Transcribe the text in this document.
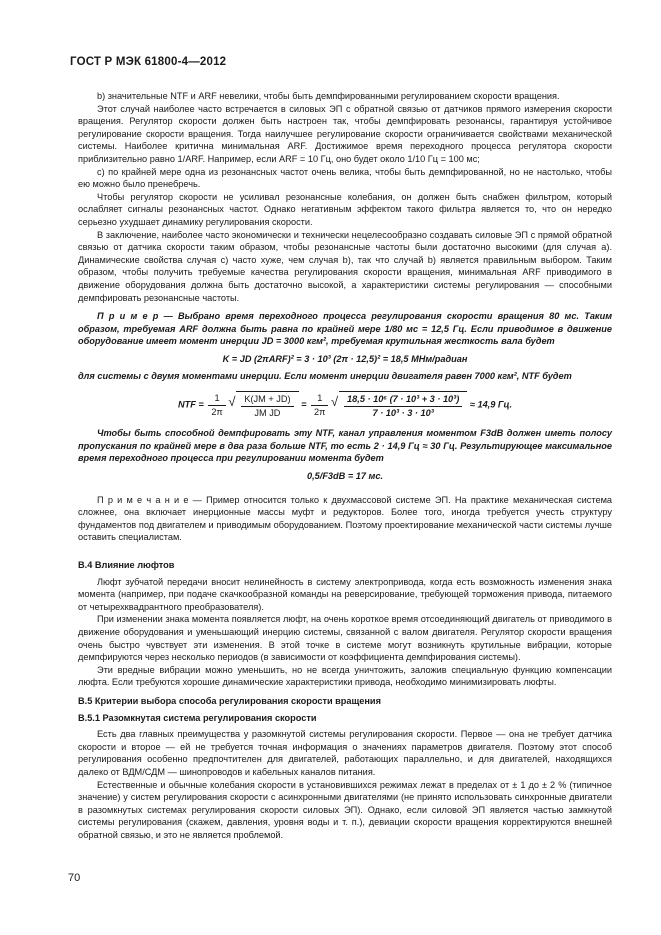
ГОСТ Р МЭК 61800-4—2012

b) значительные NTF и ARF невелики, чтобы быть демпфированными регулированием скорости вращения.

Этот случай наиболее часто встречается в силовых ЭП с обратной связью от датчиков прямого измерения скорости вращения. Регулятор скорости должен быть настроен так, чтобы демпфировать резонансы, гарантируя устойчивое регулирование скорости вращения. Тогда наилучшее регулирование скорости ограничивается свойствами механической системы. Наиболее критична минимальная ARF. Достижимое время переходного процесса регулятора скорости приблизительно равно 1/ARF. Например, если ARF = 10 Гц, оно будет около 1/10 Гц = 100 мс;

c) по крайней мере одна из резонансных частот очень велика, чтобы быть демпфированной, но не настолько, чтобы ею можно было пренебречь.

Чтобы регулятор скорости не усиливал резонансные колебания, он должен быть снабжен фильтром, который ослабляет сигналы резонансных частот. Однако негативным эффектом такого фильтра является то, что он нередко серьезно ухудшает динамику регулирования скорости.

В заключение, наиболее часто экономически и технически нецелесообразно создавать силовые ЭП с прямой обратной связью от датчика скорости таким образом, чтобы резонансные частоты были достаточно высокими (для случая а). Динамические свойства случая с) часто хуже, чем случая b), так что случай b) является правильным выбором. Таким образом, чтобы получить требуемые качества регулирования скорости вращения, минимальная ARF приводимого в движение оборудования должна быть достаточно высокой, а характеристики системы регулирования — способными демпфировать резонансные частоты.

П р и м е р — Выбрано время переходного процесса регулирования скорости вращения 80 мс. Таким образом, требуемая ARF должна быть равна по крайней мере 1/80 мс = 12,5 Гц. Если приводимое в движение оборудование имеет момент инерции JD = 3000 кгм², требуемая крутильная жесткость вала будет

K = JD (2πARF)² = 3 · 10³ (2π · 12,5)² = 18,5 МНм/радиан

для системы с двумя моментами инерции. Если момент инерции двигателя равен 7000 кгм², NTF будет

NTF = $\frac{1}{2\pi}$
√ $\frac{K(JM + JD)}{\text{JM JD}} = \frac{1}{2\pi}$
√ $\frac{\text{18,5 · 10⁶ (7 · 10³ + 3 · 10³)}}{\text{7 · 10³ · 3 · 10³}} \approx 14,9$ Гц.

Чтобы быть способной демпфировать эту NTF, канал управления моментом F3dB должен иметь полосу пропускания по крайней мере в два раза больше NTF, то есть 2 · 14,9 Гц ≈ 30 Гц. Результирующее максимальное время переходного процесса при регулировании момента будет

0,5/F3dB = 17 мс.

П р и м е ч а н и е — Пример относится только к двухмассовой системе ЭП. На практике механическая система сложнее, она включает инерционные массы муфт и редукторов. Более того, иногда требуется учесть структуру фундаментов под двигателем и приводимым оборудованием. Поэтому проектирование механической части системы лучше оставить специалистам.

В.4 Влияние люфтов

Люфт зубчатой передачи вносит нелинейность в систему электропривода, когда есть возможность изменения знака момента (например, при подаче скачкообразной команды на реверсирование, требующей торможения привода, питаемого от четырехквадрантного преобразователя).

При изменении знака момента появляется люфт, на очень короткое время отсоединяющий двигатель от приводимого в движение оборудования и уменьшающий инерцию системы, связанной с валом двигателя. Регулятор скорости вращения очень быстро чувствует эти изменения. В этой точке в системе могут возникнуть крутильные вибрации, которые демпфируются через несколько периодов (в зависимости от коэффициента демпфирования системы).

Эти вредные вибрации можно уменьшить, но не всегда уничтожить, заложив специальную функцию компенсации люфта. Если требуются хорошие динамические характеристики привода, необходимо минимизировать люфты.

В.5 Критерии выбора способа регулирования скорости вращения

В.5.1 Разомкнутая система регулирования скорости

Есть два главных преимущества у разомкнутой системы регулирования скорости. Первое — она не требует датчика скорости и второе — ей не требуется точная информация о значениях параметров двигателя. Поэтому этот способ регулирования особенно предпочтителен для двигателей, работающих параллельно, и для двигателей, находящихся далеко от ВДМ/СДМ — шинопроводов и кабельных каналов питания.

Естественные и обычные колебания скорости в установившихся режимах лежат в пределах от ± 1 до ± 2 % (типичное значение) у систем регулирования скорости с асинхронными двигателями (не принято использовать синхронные двигатели в разомкнутых системах регулирования скорости силовых ЭП). Однако, если силовой ЭП является частью замкнутой системы регулирования (скажем, давления, уровня воды и т. п.), девиации скорости вращения корректируются внешней обратной связью, и это не является проблемой.

70
